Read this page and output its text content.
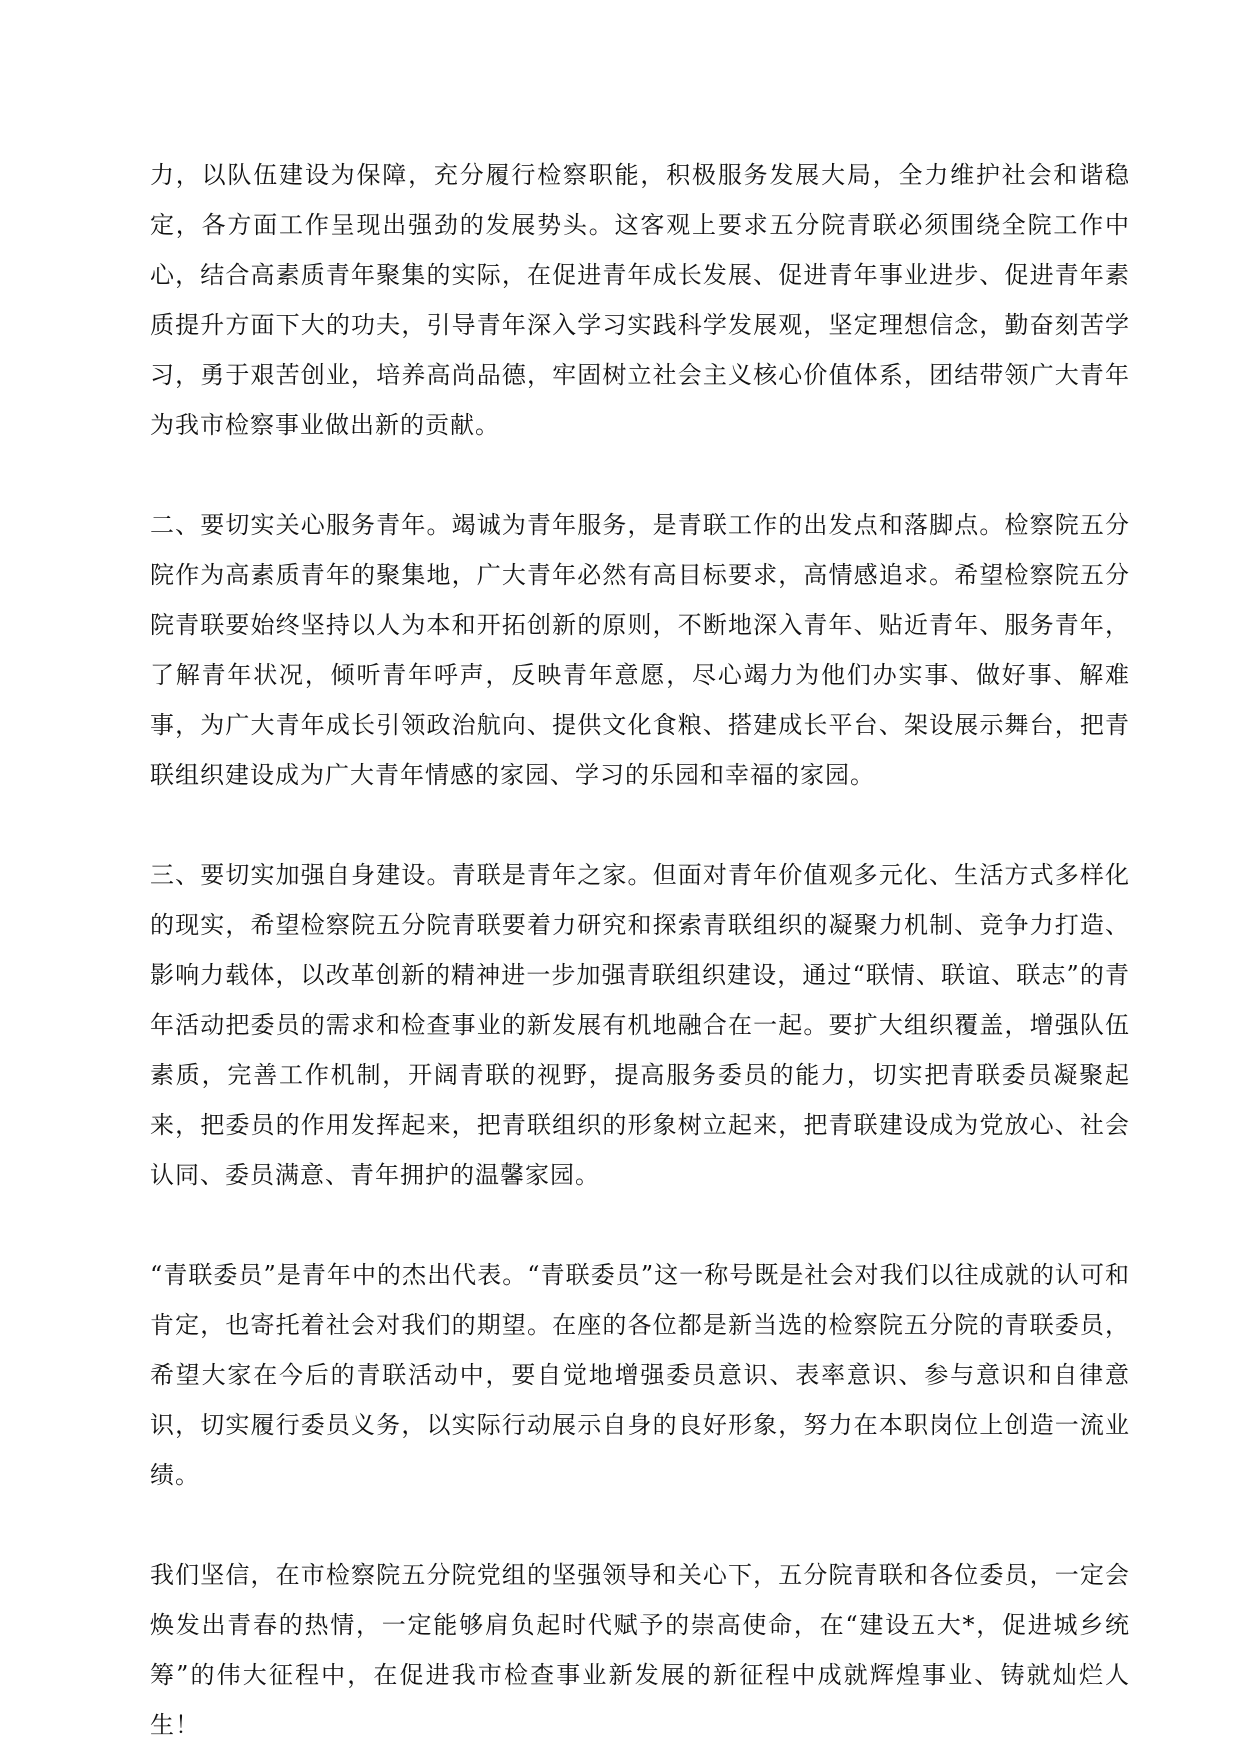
力，以队伍建设为保障，充分履行检察职能，积极服务发展大局，全力维护社会和谐稳定，各方面工作呈现出强劲的发展势头。这客观上要求五分院青联必须围绕全院工作中心，结合高素质青年聚集的实际，在促进青年成长发展、促进青年事业进步、促进青年素质提升方面下大的功夫，引导青年深入学习实践科学发展观，坚定理想信念，勤奋刻苦学习，勇于艰苦创业，培养高尚品德，牢固树立社会主义核心价值体系，团结带领广大青年为我市检察事业做出新的贡献。

二、要切实关心服务青年。竭诚为青年服务，是青联工作的出发点和落脚点。检察院五分院作为高素质青年的聚集地，广大青年必然有高目标要求，高情感追求。希望检察院五分院青联要始终坚持以人为本和开拓创新的原则，不断地深入青年、贴近青年、服务青年，了解青年状况，倾听青年呼声，反映青年意愿，尽心竭力为他们办实事、做好事、解难事，为广大青年成长引领政治航向、提供文化食粮、搭建成长平台、架设展示舞台，把青联组织建设成为广大青年情感的家园、学习的乐园和幸福的家园。

三、要切实加强自身建设。青联是青年之家。但面对青年价值观多元化、生活方式多样化的现实，希望检察院五分院青联要着力研究和探索青联组织的凝聚力机制、竞争力打造、影响力载体，以改革创新的精神进一步加强青联组织建设，通过“联情、联谊、联志”的青年活动把委员的需求和检查事业的新发展有机地融合在一起。要扩大组织覆盖，增强队伍素质，完善工作机制，开阔青联的视野，提高服务委员的能力，切实把青联委员凝聚起来，把委员的作用发挥起来，把青联组织的形象树立起来，把青联建设成为党放心、社会认同、委员满意、青年拥护的温馨家园。

“青联委员”是青年中的杰出代表。“青联委员”这一称号既是社会对我们以往成就的认可和肯定，也寄托着社会对我们的期望。在座的各位都是新当选的检察院五分院的青联委员，希望大家在今后的青联活动中，要自觉地增强委员意识、表率意识、参与意识和自律意识，切实履行委员义务，以实际行动展示自身的良好形象，努力在本职岗位上创造一流业绩。

我们坚信，在市检察院五分院党组的坚强领导和关心下，五分院青联和各位委员，一定会焕发出青春的热情，一定能够肩负起时代赋予的崇高使命，在“建设五大*，促进城乡统筹”的伟大征程中，在促进我市检查事业新发展的新征程中成就辉煌事业、铸就灿烂人生！
